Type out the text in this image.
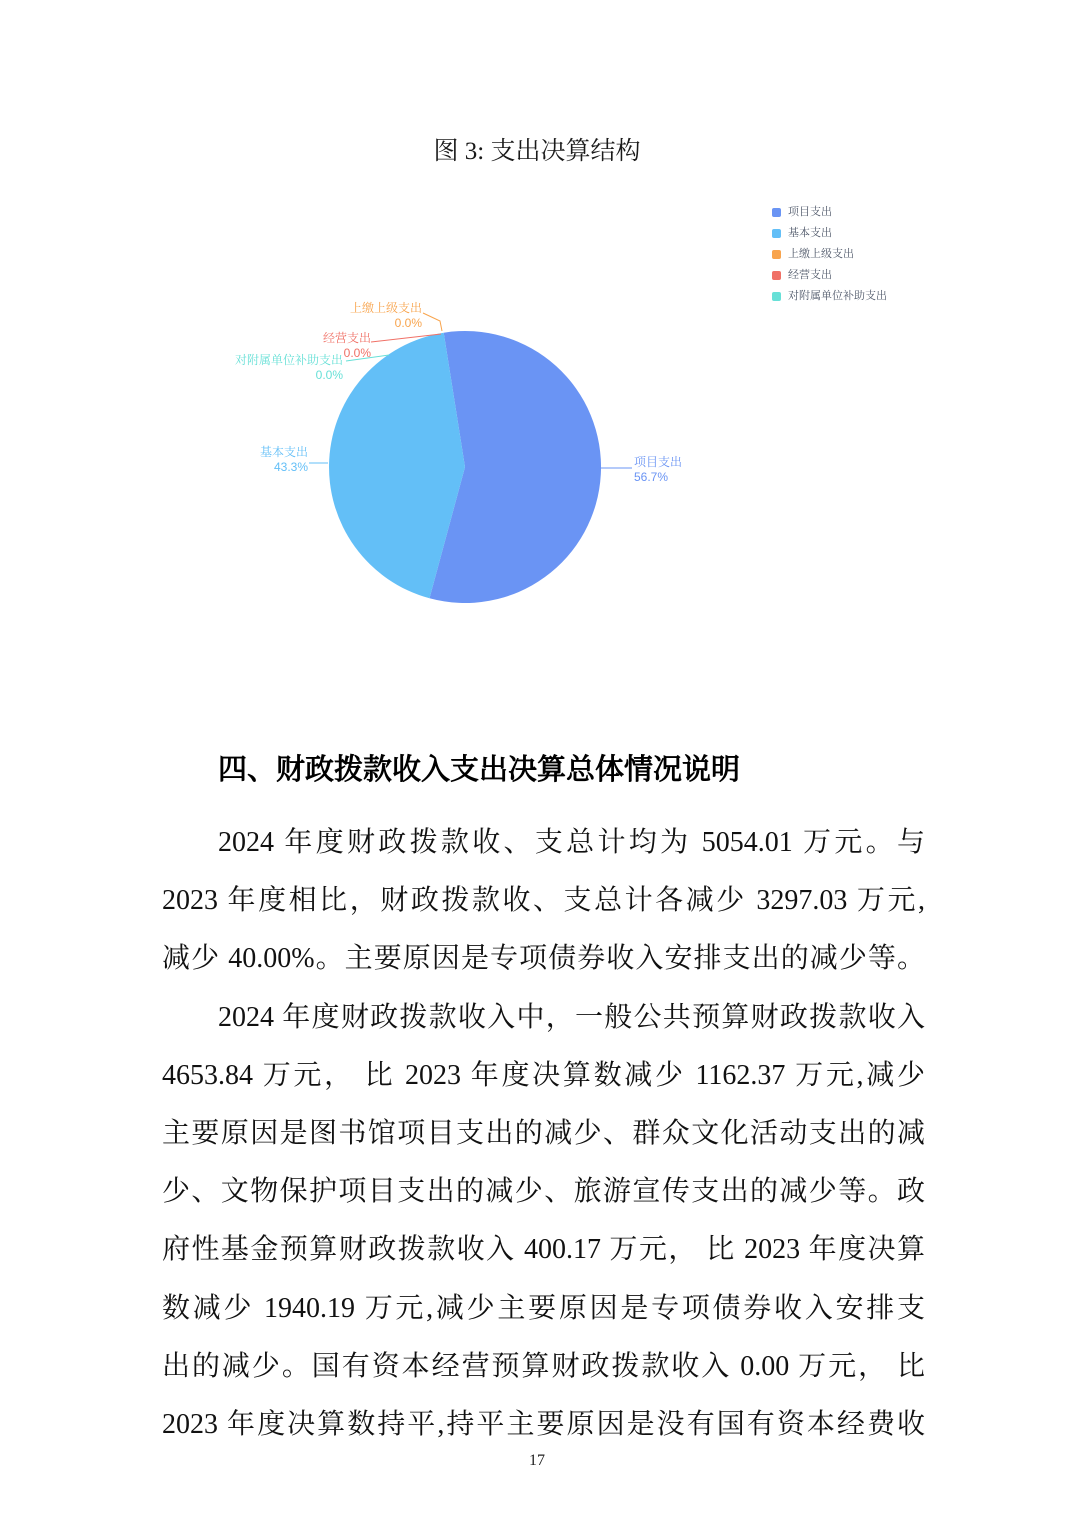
图 3: 支出决算结构
项目支出
基本支出
上缴上级支出
经营支出
对附属单位补助支出
上缴上级支出
0.0%
经营支出
0.0%
对附属单位补助支出
0.0%
基本支出
43.3%	项目支出
56.7%
四、财政拨款收入支出决算总体情况说明
2024 年度财政拨款收、支总计均为 5054.01 万元。与
2023 年度相比，财政拨款收、支总计各减少 3297.03 万元,
减少 40.00%。主要原因是专项债券收入安排支出的减少等。
2024 年度财政拨款收入中，一般公共预算财政拨款收入
4653.84 万元， 比 2023 年度决算数减少 1162.37 万元,减少
主要原因是图书馆项目支出的减少、群众文化活动支出的减
少、文物保护项目支出的减少、旅游宣传支出的减少等。政
府性基金预算财政拨款收入 400.17 万元， 比 2023 年度决算
数减少 1940.19 万元,减少主要原因是专项债券收入安排支
出的减少。国有资本经营预算财政拨款收入 0.00 万元， 比
2023 年度决算数持平,持平主要原因是没有国有资本经费收
17
